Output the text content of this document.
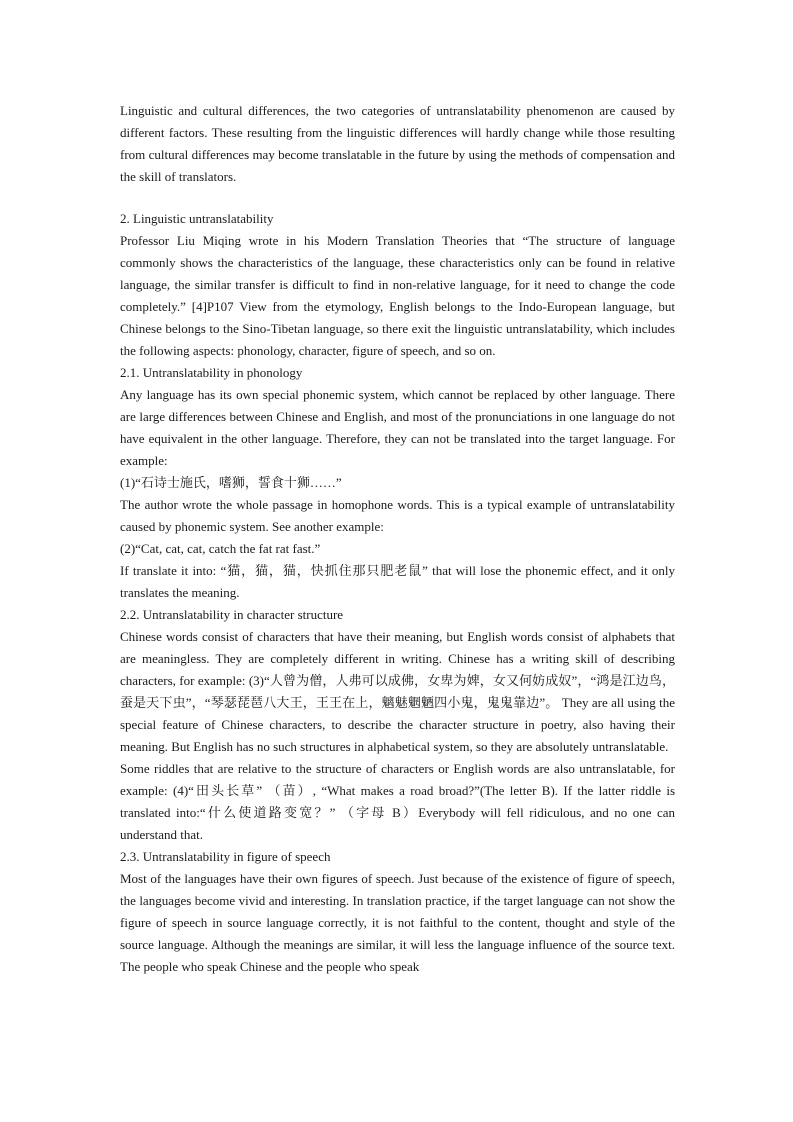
Linguistic and cultural differences, the two categories of untranslatability phenomenon are caused by different factors. These resulting from the linguistic differences will hardly change while those resulting from cultural differences may become translatable in the future by using the methods of compensation and the skill of translators.

2. Linguistic untranslatability

Professor Liu Miqing wrote in his Modern Translation Theories that “The structure of language commonly shows the characteristics of the language, these characteristics only can be found in relative language, the similar transfer is difficult to find in non-relative language, for it need to change the code completely.” [4]P107 View from the etymology, English belongs to the Indo-European language, but Chinese belongs to the Sino-Tibetan language, so there exit the linguistic untranslatability, which includes the following aspects: phonology, character, figure of speech, and so on.

2.1. Untranslatability in phonology

Any language has its own special phonemic system, which cannot be replaced by other language. There are large differences between Chinese and English, and most of the pronunciations in one language do not have equivalent in the other language. Therefore, they can not be translated into the target language. For example:

(1)“石诗士施氏，嗜狮，誓食十狮……”

The author wrote the whole passage in homophone words. This is a typical example of untranslatability caused by phonemic system. See another example:

(2)“Cat, cat, cat, catch the fat rat fast.”

If translate it into: “猫，猫，猫，快抓住那只肥老鼠” that will lose the phonemic effect, and it only translates the meaning.

2.2. Untranslatability in character structure

Chinese words consist of characters that have their meaning, but English words consist of alphabets that are meaningless. They are completely different in writing. Chinese has a writing skill of describing characters, for example: (3)“人曾为僧，人弗可以成佛，女卑为婢，女又何妨成奴”，“鸿是江边鸟，蚕是天下虫”，“琴瑟琵琶八大王，王王在上，魑魅魍魉四小鬼，鬼鬼靠边”。 They are all using the special feature of Chinese characters, to describe the character structure in poetry, also having their meaning. But English has no such structures in alphabetical system, so they are absolutely untranslatable.

Some riddles that are relative to the structure of characters or English words are also untranslatable, for example: (4)“田头长草” （苗）, “What makes a road broad?”(The letter B). If the latter riddle is translated into:“什么使道路变宽？” （字母 B）Everybody will fell ridiculous, and no one can understand that.

2.3. Untranslatability in figure of speech

Most of the languages have their own figures of speech. Just because of the existence of figure of speech, the languages become vivid and interesting. In translation practice, if the target language can not show the figure of speech in source language correctly, it is not faithful to the content, thought and style of the source language. Although the meanings are similar, it will less the language influence of the source text. The people who speak Chinese and the people who speak
